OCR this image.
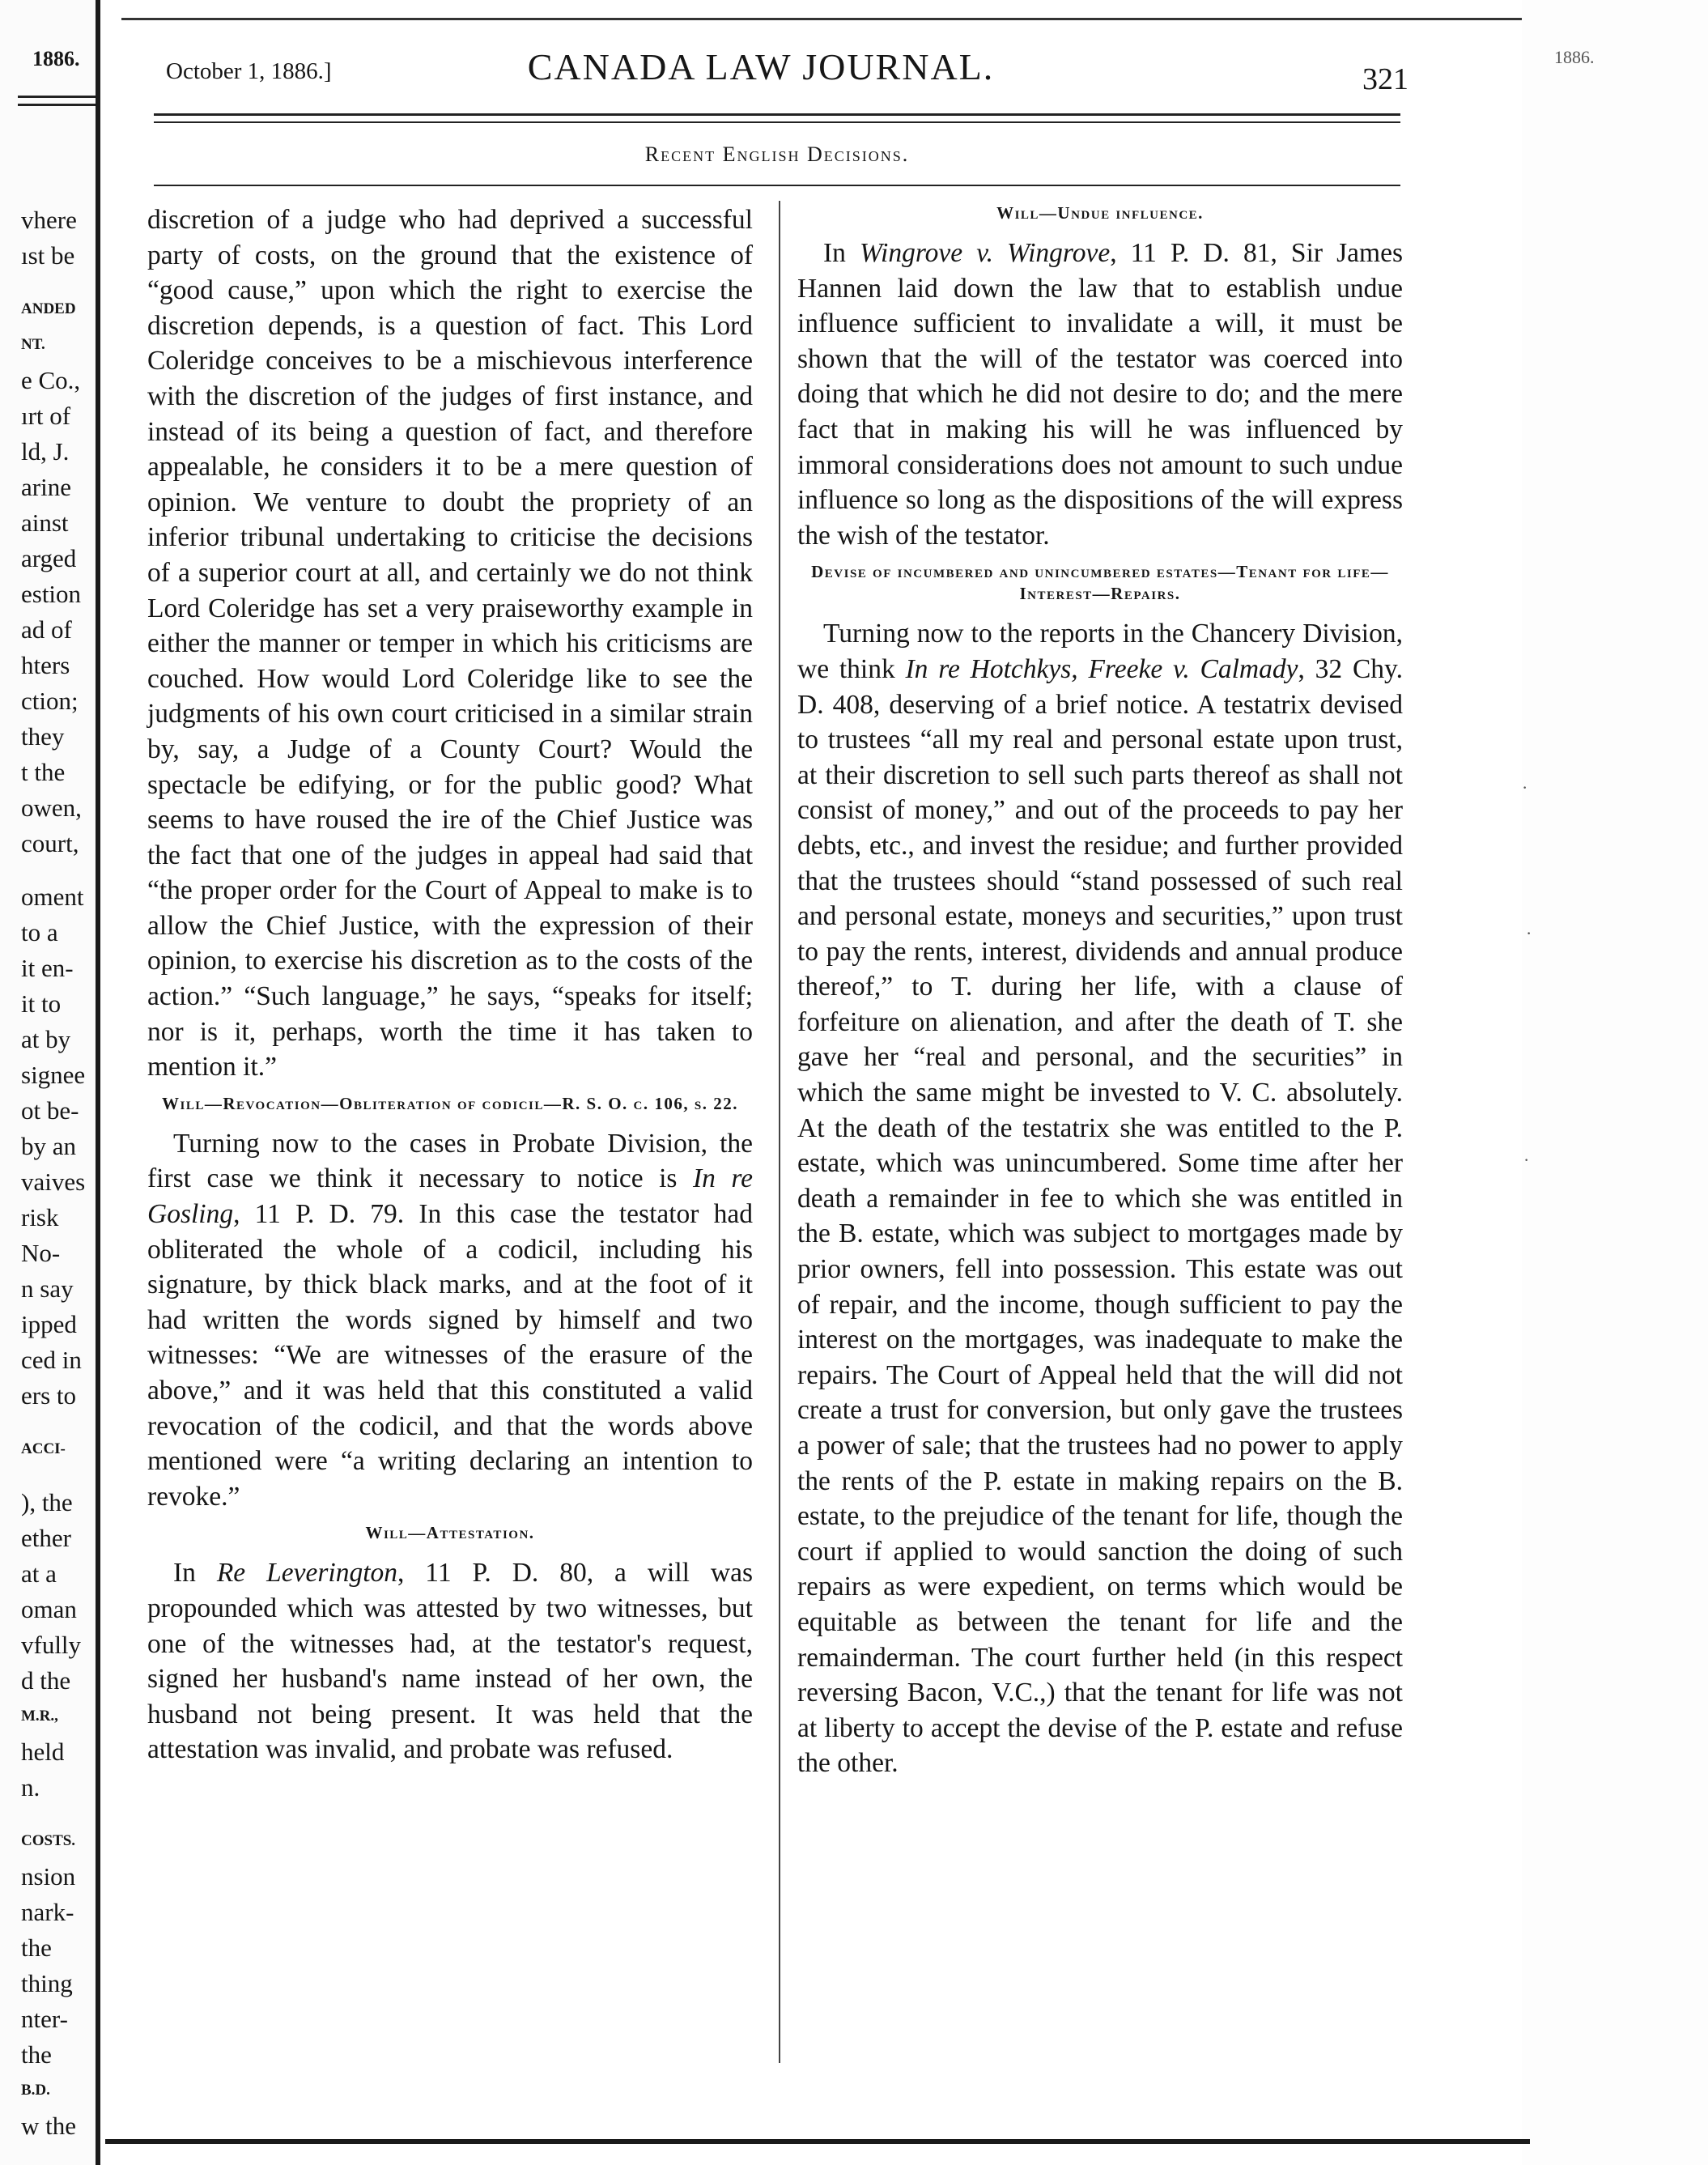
1886.
vhere
ıst be
ANDED
NT.
e Co.,
ırt of
ld, J.
arine
ainst
arged
estion
ad of
hters
ction;
they
t the
owen,
court,
oment
to a
it en-
it to
at by
signee
ot be-
by an
vaives
risk
No-
n say
ipped
ced in
ers to
ACCI-
), the
ether
at a
oman
vfully
d the
M.R.,
held
n.
COSTS.
nsion
nark-
the
thing
nter-
the
B.D.
w the
1886.
·
·
·
October 1, 1886.]	CANADA LAW JOURNAL.	321
Recent English Decisions.

discretion of a judge who had deprived a successful party of costs, on the ground that the existence of “good cause,” upon which the right to exercise the discretion depends, is a question of fact. This Lord Coleridge conceives to be a mischievous interference with the discretion of the judges of first instance, and instead of its being a question of fact, and therefore appealable, he considers it to be a mere question of opinion. We venture to doubt the propriety of an inferior tribunal undertaking to criticise the decisions of a superior court at all, and certainly we do not think Lord Coleridge has set a very praiseworthy example in either the manner or temper in which his criticisms are couched. How would Lord Coleridge like to see the judgments of his own court criticised in a similar strain by, say, a Judge of a County Court? Would the spectacle be edifying, or for the public good? What seems to have roused the ire of the Chief Justice was the fact that one of the judges in appeal had said that “the proper order for the Court of Appeal to make is to allow the Chief Justice, with the expression of their opinion, to exercise his discretion as to the costs of the action.” “Such language,” he says, “speaks for itself; nor is it, perhaps, worth the time it has taken to mention it.”

Will—Revocation—Obliteration of codicil—R. S. O. c. 106, s. 22.

Turning now to the cases in Probate Division, the first case we think it necessary to notice is In re Gosling, 11 P. D. 79. In this case the testator had obliterated the whole of a codicil, including his signature, by thick black marks, and at the foot of it had written the words signed by himself and two witnesses: “We are witnesses of the erasure of the above,” and it was held that this constituted a valid revocation of the codicil, and that the words above mentioned were “a writing declaring an intention to revoke.”

Will—Attestation.

In Re Leverington, 11 P. D. 80, a will was propounded which was attested by two witnesses, but one of the witnesses had, at the testator's request, signed her husband's name instead of her own, the husband not being present. It was held that the attestation was invalid, and probate was refused.

Will—Undue influence.

In Wingrove v. Wingrove, 11 P. D. 81, Sir James Hannen laid down the law that to establish undue influence sufficient to invalidate a will, it must be shown that the will of the testator was coerced into doing that which he did not desire to do; and the mere fact that in making his will he was influenced by immoral considerations does not amount to such undue influence so long as the dispositions of the will express the wish of the testator.

Devise of incumbered and unincumbered estates—Tenant for life—Interest—Repairs.

Turning now to the reports in the Chancery Division, we think In re Hotchkys, Freeke v. Calmady, 32 Chy. D. 408, deserving of a brief notice. A testatrix devised to trustees “all my real and personal estate upon trust, at their discretion to sell such parts thereof as shall not consist of money,” and out of the proceeds to pay her debts, etc., and invest the residue; and further provided that the trustees should “stand possessed of such real and personal estate, moneys and securities,” upon trust to pay the rents, interest, dividends and annual produce thereof,” to T. during her life, with a clause of forfeiture on alienation, and after the death of T. she gave her “real and personal, and the securities” in which the same might be invested to V. C. absolutely. At the death of the testatrix she was entitled to the P. estate, which was unincumbered. Some time after her death a remainder in fee to which she was entitled in the B. estate, which was subject to mortgages made by prior owners, fell into possession. This estate was out of repair, and the income, though sufficient to pay the interest on the mortgages, was inadequate to make the repairs. The Court of Appeal held that the will did not create a trust for conversion, but only gave the trustees a power of sale; that the trustees had no power to apply the rents of the P. estate in making repairs on the B. estate, to the prejudice of the tenant for life, though the court if applied to would sanction the doing of such repairs as were expedient, on terms which would be equitable as between the tenant for life and the remainderman. The court further held (in this respect reversing Bacon, V.C.,) that the tenant for life was not at liberty to accept the devise of the P. estate and refuse the other.
